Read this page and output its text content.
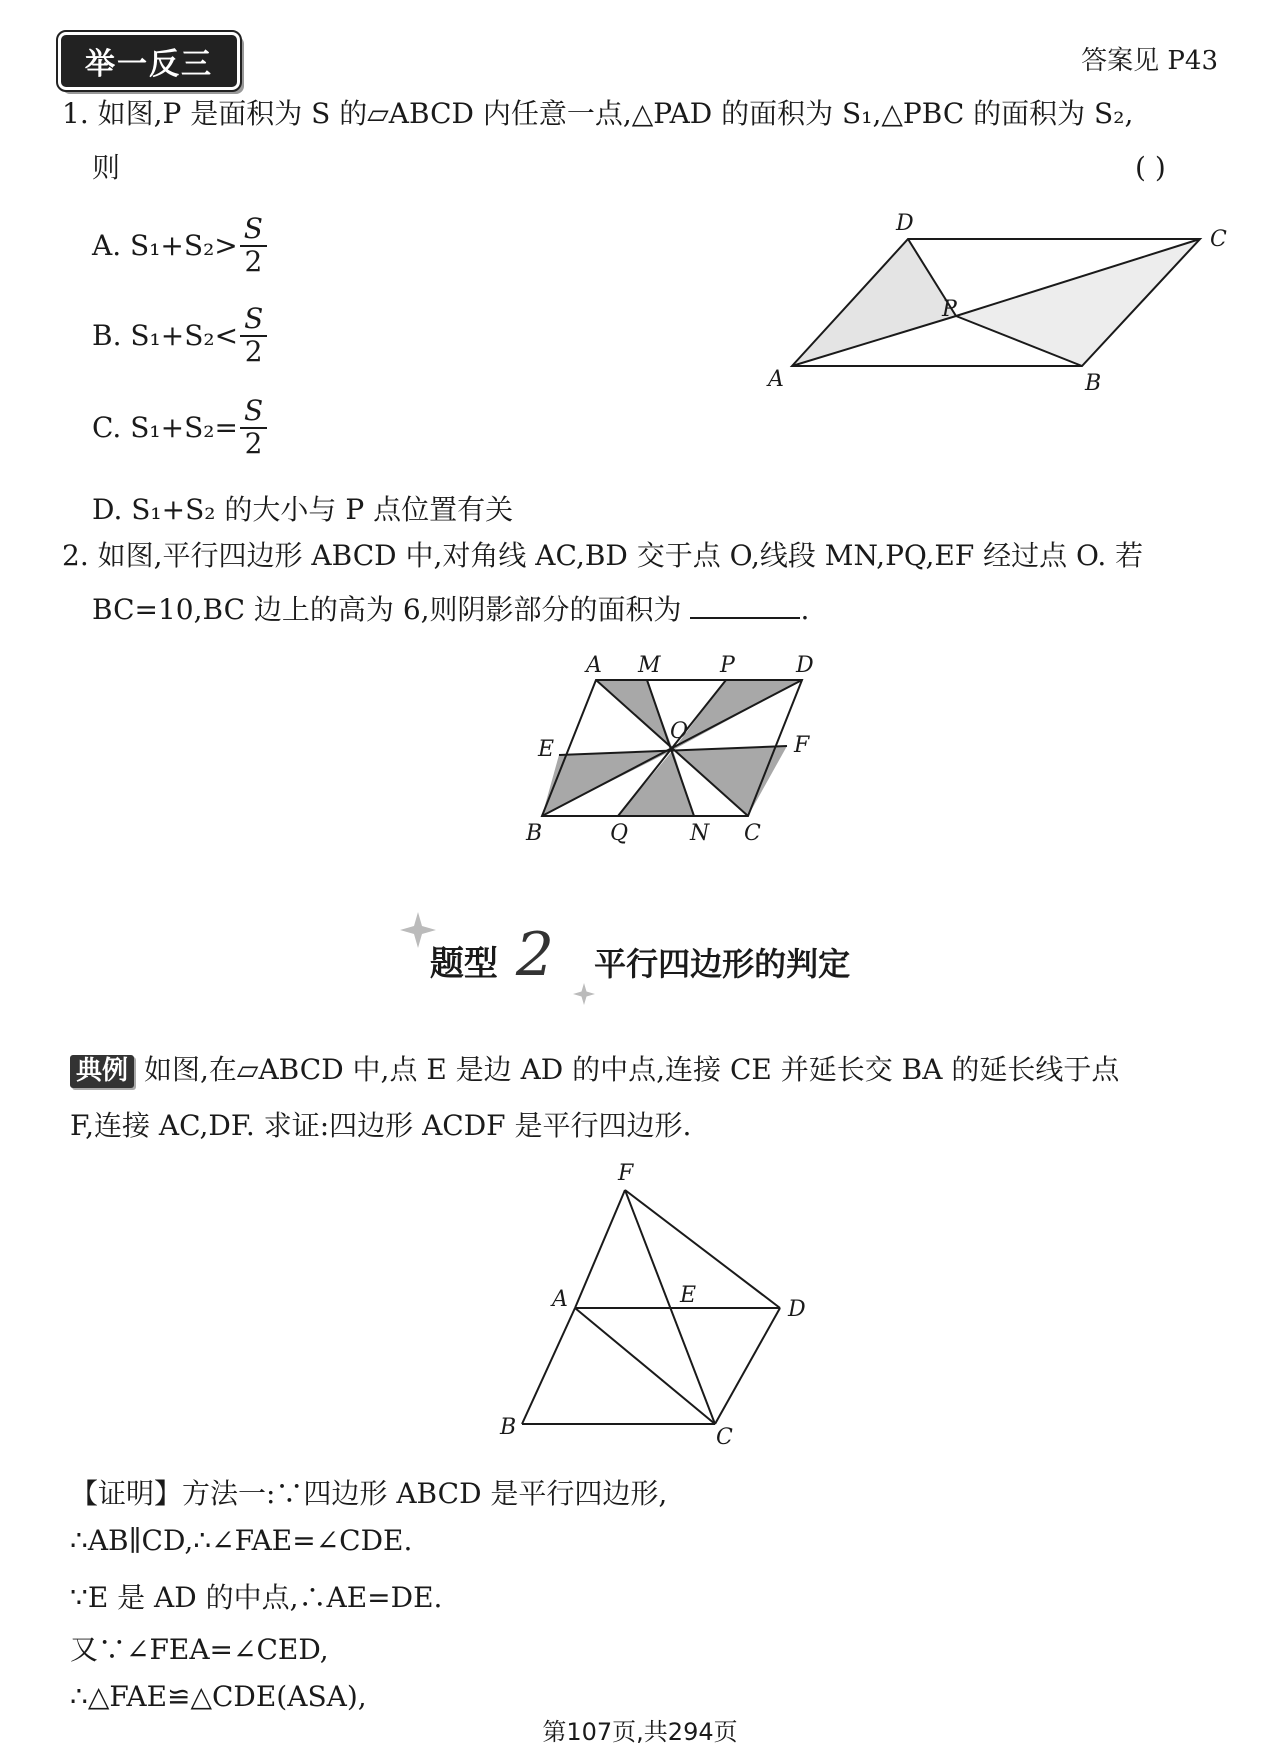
举一反三	答案见 P43
1. 如图,P 是面积为 S 的▱ABCD 内任意一点,△PAD 的面积为 S₁,△PBC 的面积为 S₂,
则	( )
A. $S_1+S_2> \frac{S}{2}$
B. $S_1+S_2< \frac{S}{2}$
C. $S_1+S_2= \frac{S}{2}$
D. S₁+S₂ 的大小与 P 点位置有关
A	B
C
D
P
2. 如图,平行四边形 ABCD 中,对角线 AC,BD 交于点 O,线段 MN,PQ,EF 经过点 O. 若
BC=10,BC 边上的高为 6,则阴影部分的面积为	.
A M	P	D
O
E	F
B	Q	N C
题型 2 平行四边形的判定
典例 如图,在▱ABCD 中,点 E 是边 AD 的中点,连接 CE 并延长交 BA 的延长线于点
F,连接 AC,DF. 求证:四边形 ACDF 是平行四边形.
F
A	E
D
B	C
【证明】方法一:∵四边形 ABCD 是平行四边形,
∴AB∥CD,∴∠FAE=∠CDE.
∵E 是 AD 的中点,∴AE=DE.
又∵∠FEA=∠CED,
∴△FAE≌△CDE(ASA),
第107页,共294页
